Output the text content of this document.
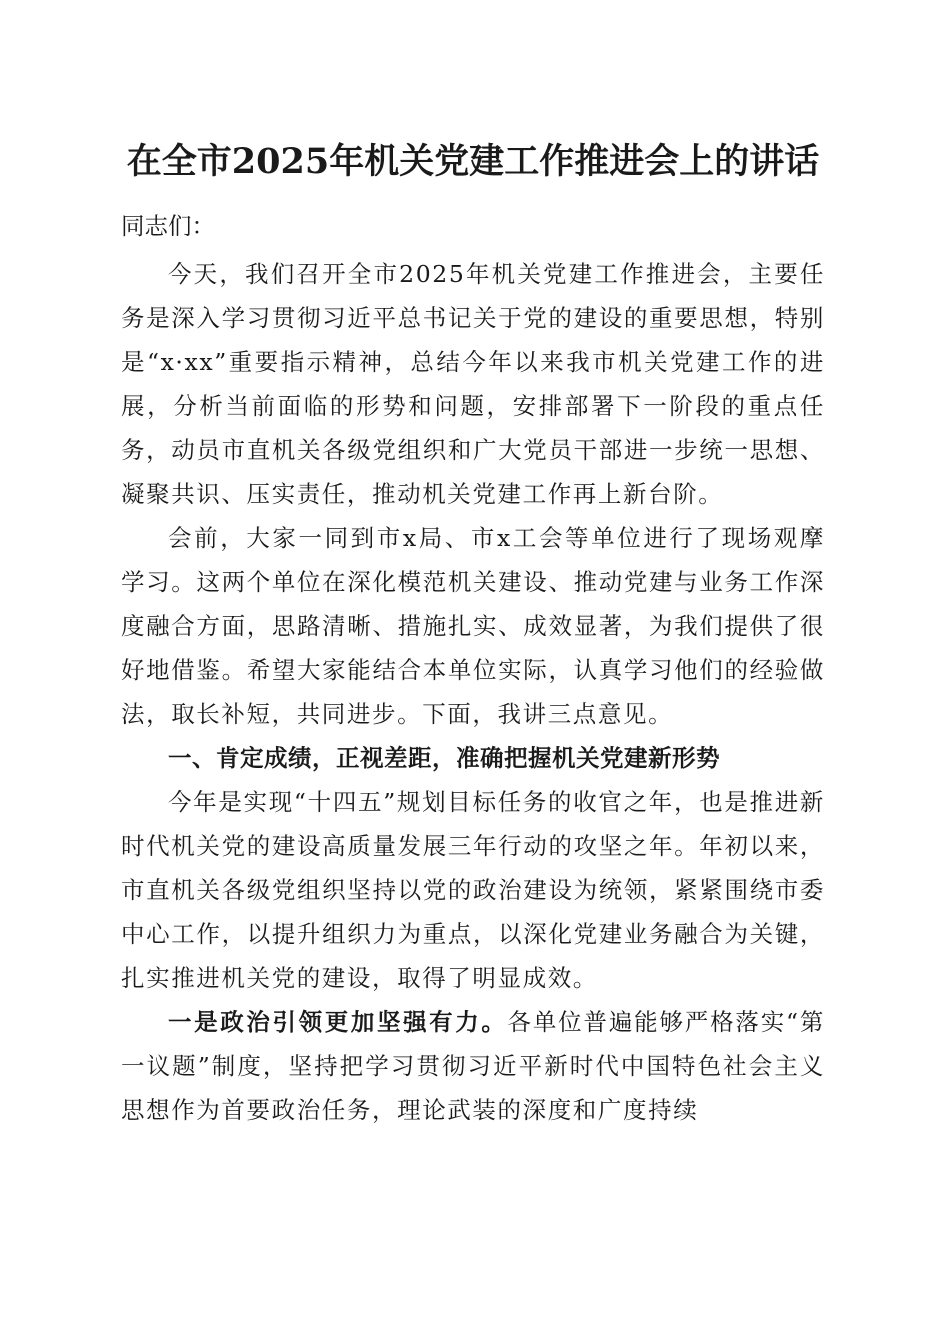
在全市2025年机关党建工作推进会上的讲话

同志们：

今天，我们召开全市2025年机关党建工作推进会，主要任务是深入学习贯彻习近平总书记关于党的建设的重要思想，特别是“x·xx”重要指示精神，总结今年以来我市机关党建工作的进展，分析当前面临的形势和问题，安排部署下一阶段的重点任务，动员市直机关各级党组织和广大党员干部进一步统一思想、凝聚共识、压实责任，推动机关党建工作再上新台阶。

会前，大家一同到市x局、市x工会等单位进行了现场观摩学习。这两个单位在深化模范机关建设、推动党建与业务工作深度融合方面，思路清晰、措施扎实、成效显著，为我们提供了很好地借鉴。希望大家能结合本单位实际，认真学习他们的经验做法，取长补短，共同进步。下面，我讲三点意见。

一、肯定成绩，正视差距，准确把握机关党建新形势

今年是实现“十四五”规划目标任务的收官之年，也是推进新时代机关党的建设高质量发展三年行动的攻坚之年。年初以来，市直机关各级党组织坚持以党的政治建设为统领，紧紧围绕市委中心工作，以提升组织力为重点，以深化党建业务融合为关键，扎实推进机关党的建设，取得了明显成效。

一是政治引领更加坚强有力。各单位普遍能够严格落实“第一议题”制度，坚持把学习贯彻习近平新时代中国特色社会主义思想作为首要政治任务，理论武装的深度和广度持续
